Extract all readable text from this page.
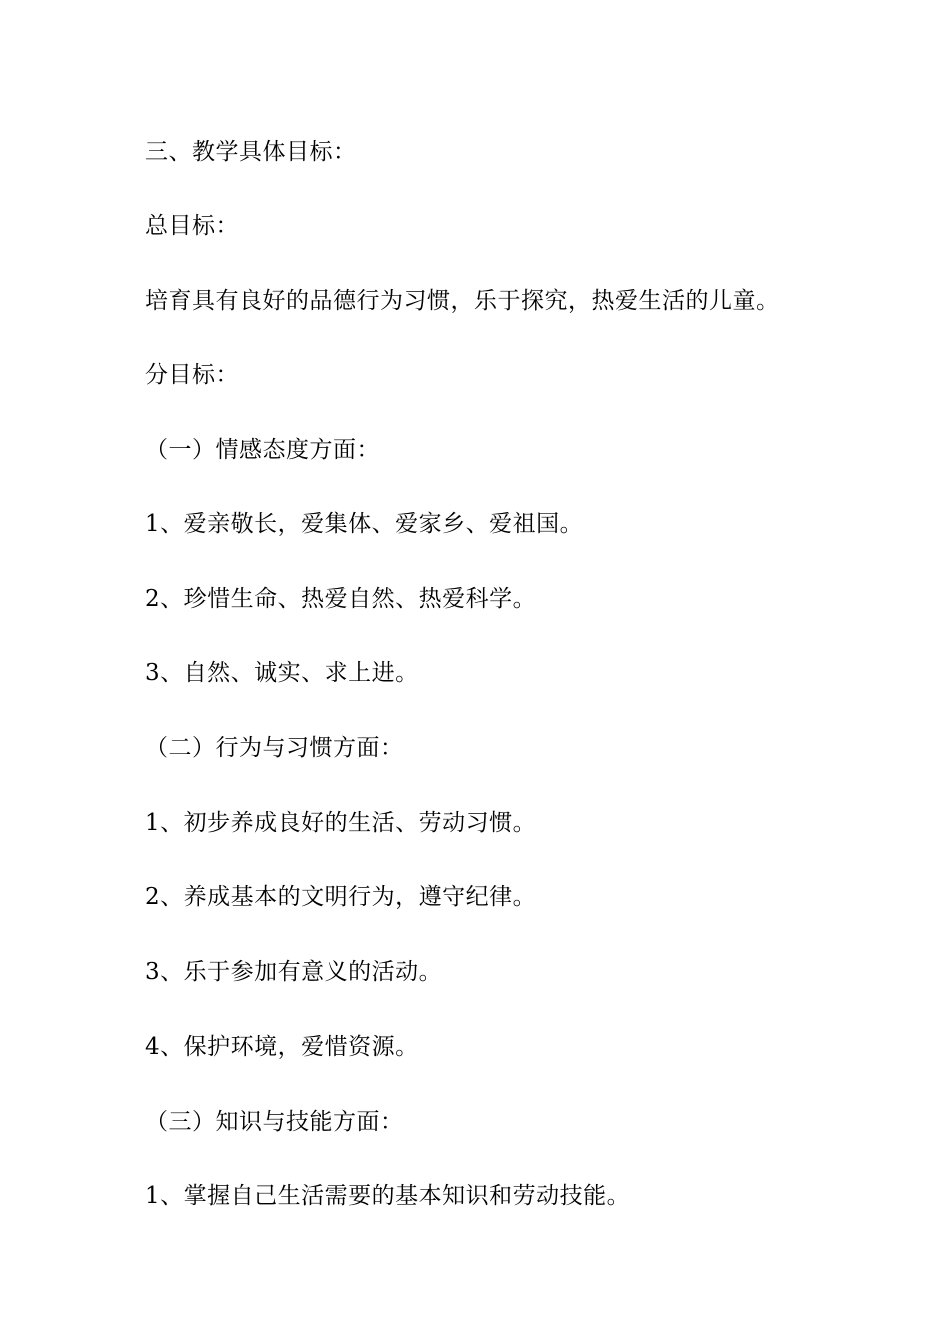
三、教学具体目标：
总目标：
培育具有良好的品德行为习惯，乐于探究，热爱生活的儿童。
分目标：
（一）情感态度方面：
1、爱亲敬长，爱集体、爱家乡、爱祖国。
2、珍惜生命、热爱自然、热爱科学。
3、自然、诚实、求上进。
（二）行为与习惯方面：
1、初步养成良好的生活、劳动习惯。
2、养成基本的文明行为，遵守纪律。
3、乐于参加有意义的活动。
4、保护环境，爱惜资源。
（三）知识与技能方面：
1、掌握自己生活需要的基本知识和劳动技能。
